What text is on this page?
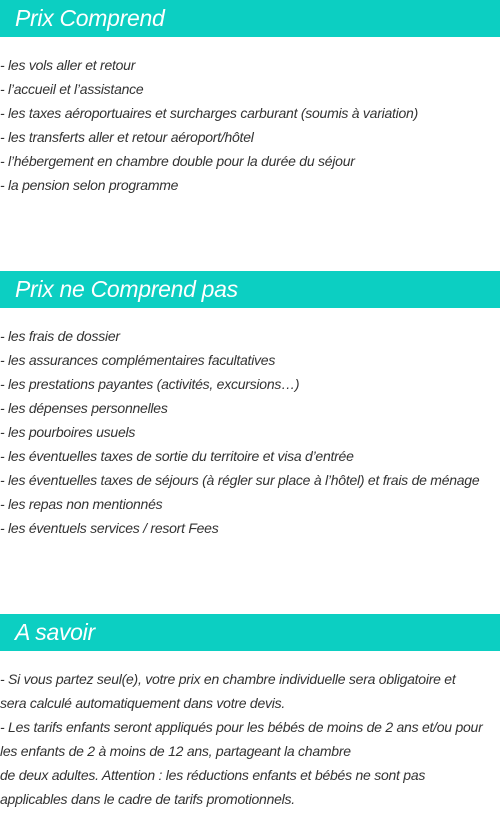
Prix Comprend
- les vols aller et retour
- l’accueil et l’assistance
- les taxes aéroportuaires et surcharges carburant (soumis à variation)
- les transferts aller et retour aéroport/hôtel
- l’hébergement en chambre double pour la durée du séjour
- la pension selon programme
Prix ne Comprend pas
- les frais de dossier
- les assurances complémentaires facultatives
- les prestations payantes (activités, excursions…)
- les dépenses personnelles
- les pourboires usuels
- les éventuelles taxes de sortie du territoire et visa d’entrée
- les éventuelles taxes de séjours (à régler sur place à l’hôtel) et frais de ménage
- les repas non mentionnés
- les éventuels services / resort Fees
A savoir

- Si vous partez seul(e), votre prix en chambre individuelle sera obligatoire et
sera calculé automatiquement dans votre devis.
- Les tarifs enfants seront appliqués pour les bébés de moins de 2 ans et/ou pour
les enfants de 2 à moins de 12 ans, partageant la chambre
de deux adultes. Attention : les réductions enfants et bébés ne sont pas
applicables dans le cadre de tarifs promotionnels.
